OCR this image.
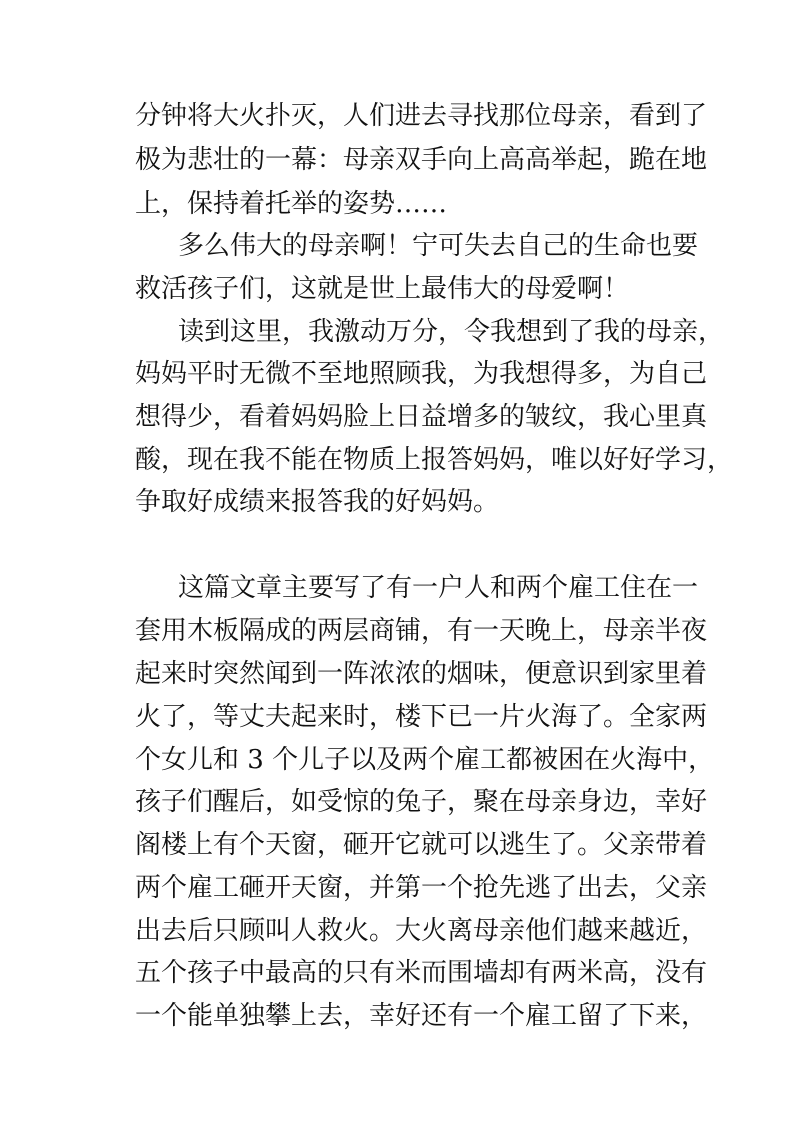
分钟将大火扑灭，人们进去寻找那位母亲，看到了
极为悲壮的一幕：母亲双手向上高高举起，跪在地
上，保持着托举的姿势……
多么伟大的母亲啊！宁可失去自己的生命也要
救活孩子们，这就是世上最伟大的母爱啊！
读到这里，我激动万分，令我想到了我的母亲，
妈妈平时无微不至地照顾我，为我想得多，为自己
想得少，看着妈妈脸上日益增多的皱纹，我心里真
酸，现在我不能在物质上报答妈妈，唯以好好学习，
争取好成绩来报答我的好妈妈。
这篇文章主要写了有一户人和两个雇工住在一
套用木板隔成的两层商铺，有一天晚上，母亲半夜
起来时突然闻到一阵浓浓的烟味，便意识到家里着
火了，等丈夫起来时，楼下已一片火海了。全家两
个女儿和 3 个儿子以及两个雇工都被困在火海中，
孩子们醒后，如受惊的兔子，聚在母亲身边，幸好
阁楼上有个天窗，砸开它就可以逃生了。父亲带着
两个雇工砸开天窗，并第一个抢先逃了出去，父亲
出去后只顾叫人救火。大火离母亲他们越来越近，
五个孩子中最高的只有米而围墙却有两米高，没有
一个能单独攀上去，幸好还有一个雇工留了下来，
